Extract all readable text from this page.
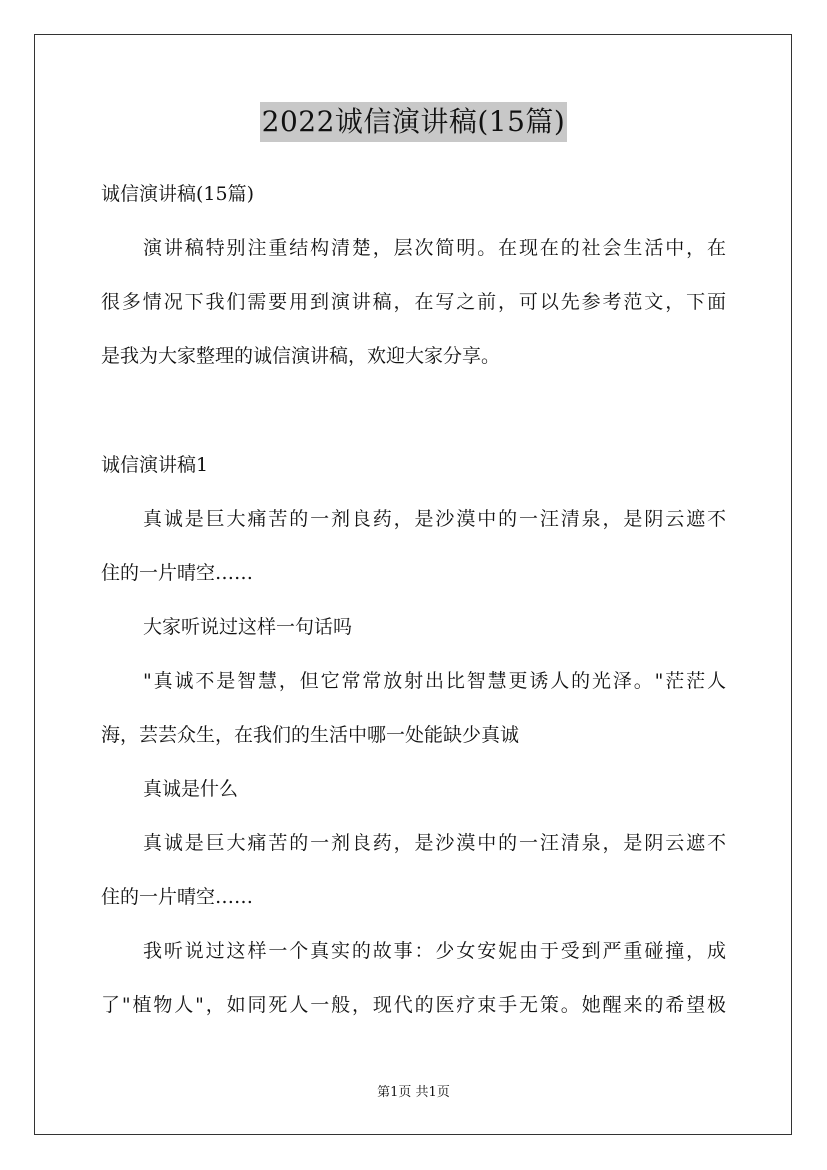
2022诚信演讲稿(15篇)
诚信演讲稿(15篇)
演讲稿特别注重结构清楚，层次简明。在现在的社会生活中，在
很多情况下我们需要用到演讲稿，在写之前，可以先参考范文，下面
是我为大家整理的诚信演讲稿，欢迎大家分享。
诚信演讲稿1
真诚是巨大痛苦的一剂良药，是沙漠中的一汪清泉，是阴云遮不
住的一片晴空……
大家听说过这样一句话吗
"真诚不是智慧，但它常常放射出比智慧更诱人的光泽。"茫茫人
海，芸芸众生，在我们的生活中哪一处能缺少真诚
真诚是什么
真诚是巨大痛苦的一剂良药，是沙漠中的一汪清泉，是阴云遮不
住的一片晴空……
我听说过这样一个真实的故事：少女安妮由于受到严重碰撞，成
了"植物人"，如同死人一般，现代的医疗束手无策。她醒来的希望极
第1页 共1页
